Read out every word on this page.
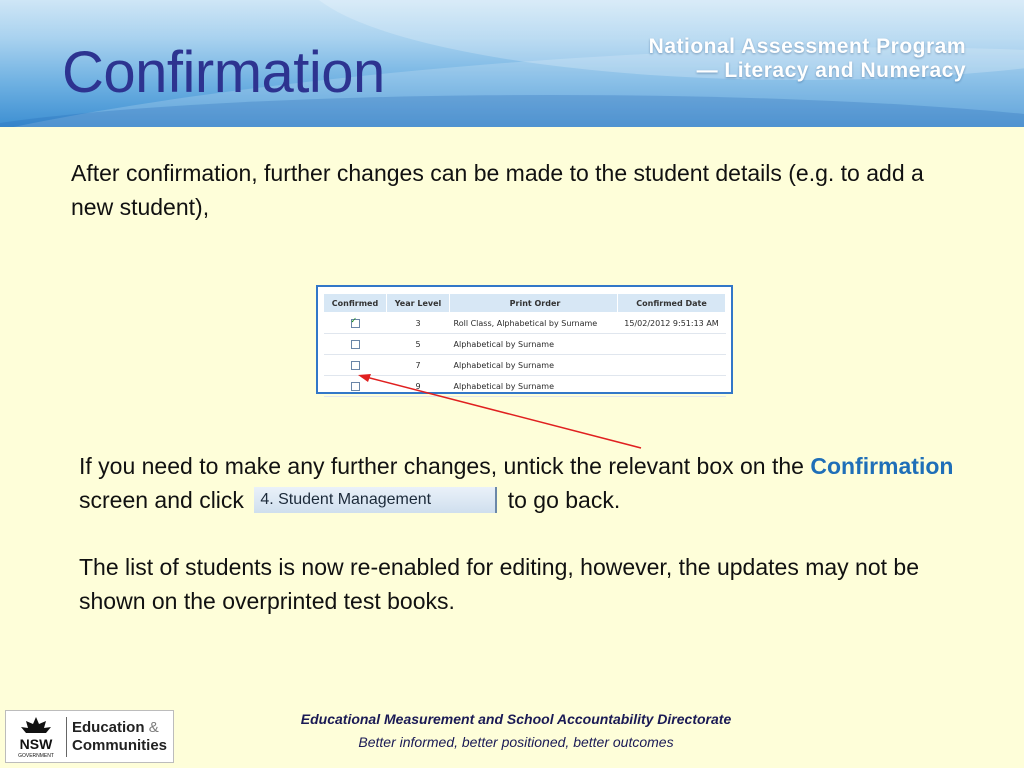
Confirmation	National Assessment Program
— Literacy and Numeracy

After confirmation, further changes can be made to the student details (e.g. to add a new student),

Confirmed	Year Level	Print Order	Confirmed Date
✓	3	Roll Class, Alphabetical by Surname	15/02/2012 9:51:13 AM
	5	Alphabetical by Surname	
	7	Alphabetical by Surname	
	9	Alphabetical by Surname	

If you need to make any further changes, untick the relevant box on the Confirmation screen and click 4. Student Management	to go back.

The list of students is now re-enabled for editing, however, the updates may not be shown on the overprinted test books.

NSW
GOVERNMENT
Education &
Communities
Educational Measurement and School Accountability Directorate
Better informed, better positioned, better outcomes
